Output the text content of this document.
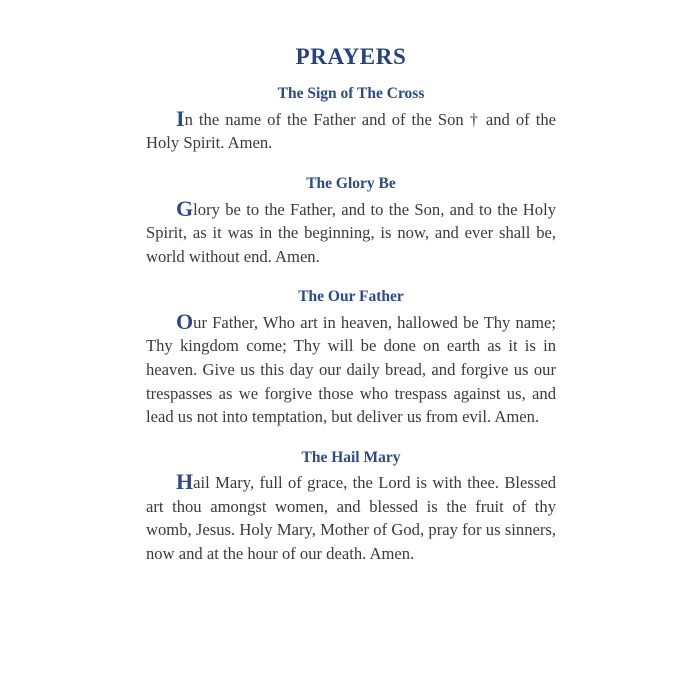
PRAYERS
The Sign of The Cross

In the name of the Father and of the Son † and of the Holy Spirit. Amen.

The Glory Be

Glory be to the Father, and to the Son, and to the Holy Spirit, as it was in the beginning, is now, and ever shall be, world without end. Amen.

The Our Father

Our Father, Who art in heaven, hallowed be Thy name; Thy kingdom come; Thy will be done on earth as it is in heaven. Give us this day our daily bread, and forgive us our trespasses as we forgive those who trespass against us, and lead us not into temptation, but deliver us from evil. Amen.

The Hail Mary

Hail Mary, full of grace, the Lord is with thee. Blessed art thou amongst women, and blessed is the fruit of thy womb, Jesus. Holy Mary, Mother of God, pray for us sinners, now and at the hour of our death. Amen.
